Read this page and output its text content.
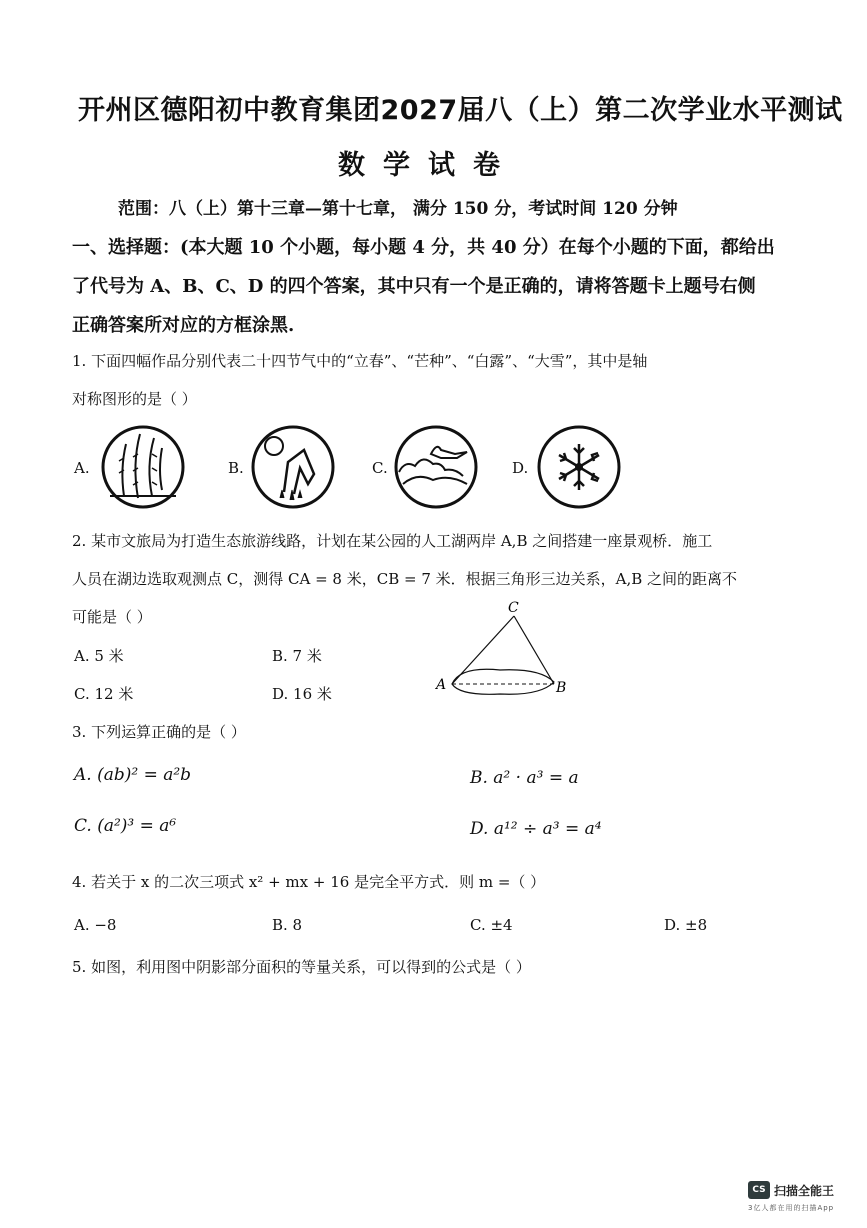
开州区德阳初中教育集团2027届八（上）第二次学业水平测试
数学试卷
范围：八（上）第十三章—第十七章， 满分 150 分，考试时间 120 分钟
一、选择题：(本大题 10 个小题，每小题 4 分，共 40 分）在每个小题的下面，都给出
了代号为 A、B、C、D 的四个答案，其中只有一个是正确的，请将答题卡上题号右侧
正确答案所对应的方框涂黑.
1. 下面四幅作品分别代表二十四节气中的“立春”、“芒种”、“白露”、“大雪”，其中是轴
对称图形的是（ ）
A.	B.	C.	D.
2. 某市文旅局为打造生态旅游线路，计划在某公园的人工湖两岸 A,B 之间搭建一座景观桥．施工
人员在湖边选取观测点 C，测得 CA = 8 米，CB = 7 米．根据三角形三边关系，A,B 之间的距离不
可能是（ ）
A. 5 米	B. 7 米
C. 12 米	D. 16 米
C
A	B
3. 下列运算正确的是（ ）
A. (ab)² = a²b	B. a² · a³ = a
C. (a²)³ = a⁶	D. a¹² ÷ a³ = a⁴
4. 若关于 x 的二次三项式 x² + mx + 16 是完全平方式．则 m =（ ）
A. −8	B. 8	C. ±4	D. ±8
5. 如图，利用图中阴影部分面积的等量关系，可以得到的公式是（ ）
CS 扫描全能王
3亿人都在用的扫描App
